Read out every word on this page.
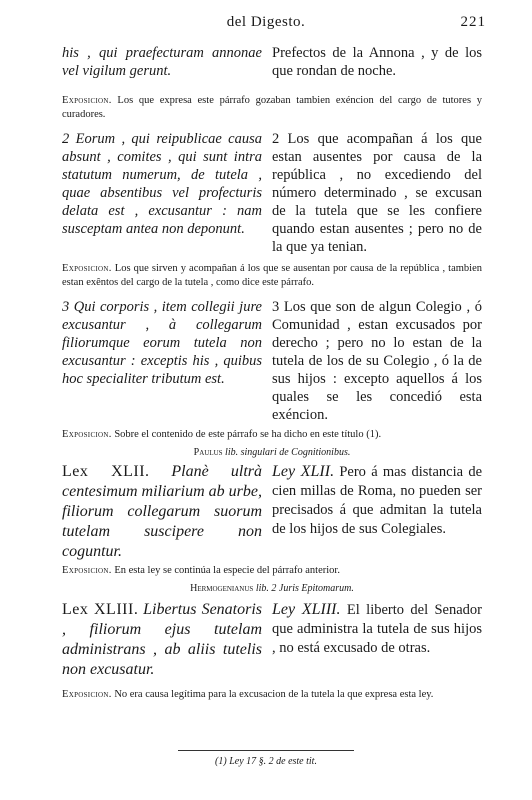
del Digesto.	221
his , qui praefecturam annonae vel vigilum gerunt.
Prefectos de la Annona , y de los que rondan de noche.
Exposicion. Los que expresa este párrafo gozaban tambien exéncion del cargo de tutores y curadores.
2 Eorum , qui reipublicae causa absunt , comites , qui sunt intra statutum numerum, de tutela , quae absentibus vel profecturis delata est , excusantur : nam susceptam antea non deponunt.
2 Los que acompañan á los que estan ausentes por causa de la república , no excediendo del número determinado , se excusan de la tutela que se les confiere quando estan ausentes ; pero no de la que ya tenian.
Exposicion. Los que sirven y acompañan á los que se ausentan por causa de la república , tambien estan exêntos del cargo de la tutela , como dice este párrafo.
3 Qui corporis , item collegii jure excusantur , à collegarum filiorumque eorum tutela non excusantur : exceptis his , quibus hoc specialiter tributum est.
3 Los que son de algun Colegio , ó Comunidad , estan excusados por derecho ; pero no lo estan de la tutela de los de su Colegio , ó la de sus hijos : excepto aquellos á los quales se les concedió esta exéncion.
Exposicion. Sobre el contenido de este párrafo se ha dicho en este título (1).
Paulus lib. singulari de Cognitionibus.
Lex XLII. Planè ultrà centesimum miliarium ab urbe, filiorum collegarum suorum tutelam suscipere non coguntur.
Ley XLII. Pero á mas distancia de cien millas de Roma, no pueden ser precisados á que admitan la tutela de los hijos de sus Colegiales.
Exposicion. En esta ley se continúa la especie del párrafo anterior.
Hermogenianus lib. 2 Juris Epitomarum.
Lex XLIII. Libertus Senatoris , filiorum ejus tutelam administrans , ab aliis tutelis non excusatur.
Ley XLIII. El liberto del Senador que administra la tutela de sus hijos , no está excusado de otras.
Exposicion. No era causa legítima para la excusacion de la tutela la que expresa esta ley.
(1) Ley 17 §. 2 de este tit.
